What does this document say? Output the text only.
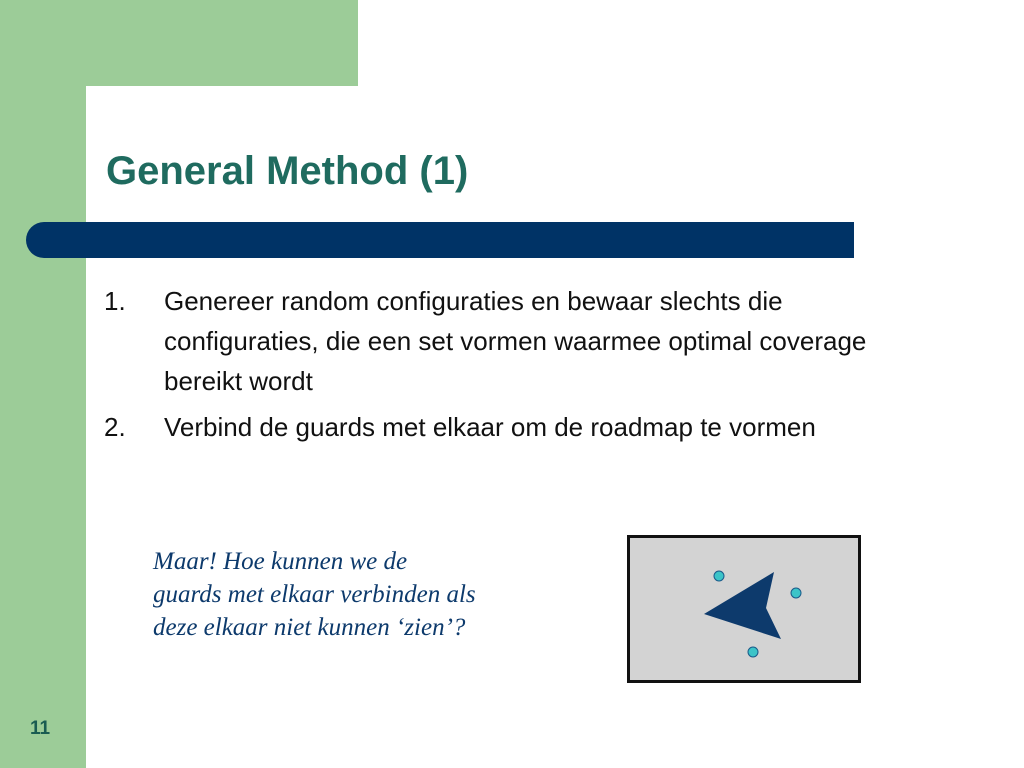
General Method (1)
1. Genereer random configuraties en bewaar slechts die configuraties, die een set vormen waarmee optimal coverage bereikt wordt
2. Verbind de guards met elkaar om de roadmap te vormen
Maar! Hoe kunnen we de
guards met elkaar verbinden als
deze elkaar niet kunnen ‘zien’?
11
